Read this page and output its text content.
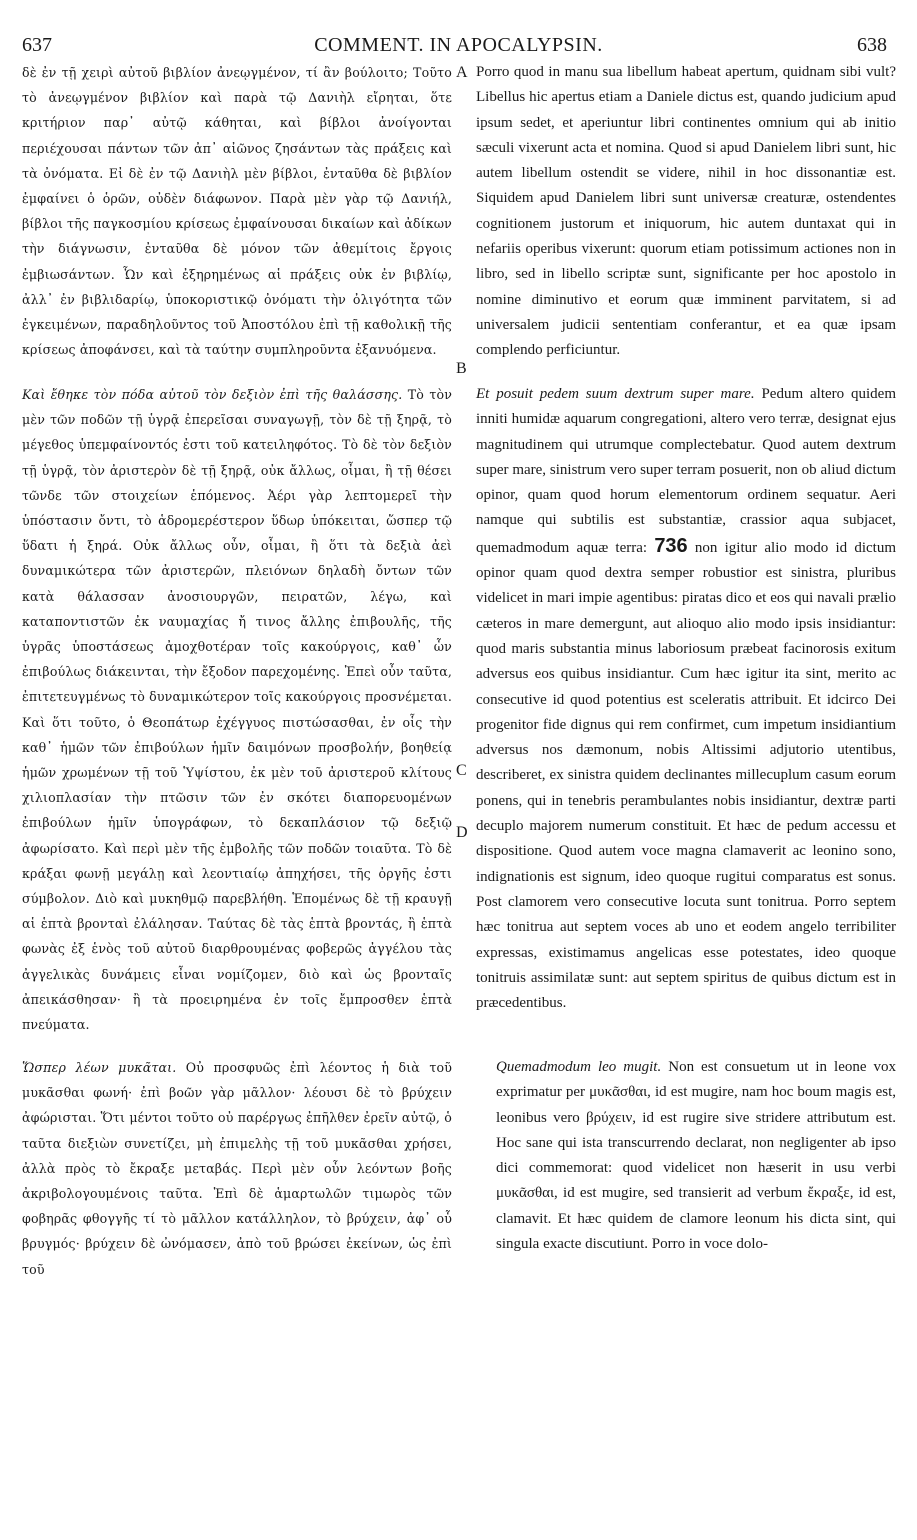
637	COMMENT. IN APOCALYPSIN.	638
A
B
C
D

δὲ ἐν τῇ χειρὶ αὐτοῦ βιβλίον ἀνεῳγμένον, τί ἂν βούλοιτο; Τοῦτο τὸ ἀνεῳγμένον βιβλίον καὶ παρὰ τῷ Δανιὴλ εἴρηται, ὅτε κριτήριον παρ᾽ αὐτῷ κάθηται, καὶ βίβλοι ἀνοίγονται περιέχουσαι πάντων τῶν ἀπ᾽ αἰῶνος ζησάντων τὰς πράξεις καὶ τὰ ὀνόματα. Εἰ δὲ ἐν τῷ Δανιὴλ μὲν βίβλοι, ἐνταῦθα δὲ βιβλίον ἐμφαίνει ὁ ὁρῶν, οὐδὲν διάφωνον. Παρὰ μὲν γὰρ τῷ Δανιήλ, βίβλοι τῆς παγκοσμίου κρίσεως ἐμφαίνουσαι δικαίων καὶ ἀδίκων τὴν διάγνωσιν, ἐνταῦθα δὲ μόνον τῶν ἀθεμίτοις ἔργοις ἐμβιωσάντων. Ὧν καὶ ἐξηρημένως αἱ πράξεις οὐκ ἐν βιβλίῳ, ἀλλ᾽ ἐν βιβλιδαρίῳ, ὑποκοριστικῷ ὀνόματι τὴν ὀλιγότητα τῶν ἐγκειμένων, παραδηλοῦντος τοῦ Ἀποστόλου ἐπὶ τῇ καθολικῇ τῆς κρίσεως ἀποφάνσει, καὶ τὰ ταύτην συμπληροῦντα ἐξανυόμενα.

Porro quod in manu sua libellum habeat apertum, quidnam sibi vult? Libellus hic apertus etiam a Daniele dictus est, quando judicium apud ipsum sedet, et aperiuntur libri continentes omnium qui ab initio sæculi vixerunt acta et nomina. Quod si apud Danielem libri sunt, hic autem libellum ostendit se videre, nihil in hoc dissonantiæ est. Siquidem apud Danielem libri sunt universæ creaturæ, ostendentes cognitionem justorum et iniquorum, hic autem duntaxat qui in nefariis operibus vixerunt: quorum etiam potissimum actiones non in libro, sed in libello scriptæ sunt, significante per hoc apostolo in nomine diminutivo et eorum quæ imminent parvitatem, si ad universalem judicii sententiam conferantur, et ea quæ ipsam complendo perficiuntur.

Καὶ ἔθηκε τὸν πόδα αὐτοῦ τὸν δεξιὸν ἐπὶ τῆς θαλάσσης. Τὸ τὸν μὲν τῶν ποδῶν τῇ ὑγρᾷ ἐπερεῖσαι συναγωγῇ, τὸν δὲ τῇ ξηρᾷ, τὸ μέγεθος ὑπεμφαίνοντός ἐστι τοῦ κατειληφότος. Τὸ δὲ τὸν δεξιὸν τῇ ὑγρᾷ, τὸν ἀριστερὸν δὲ τῇ ξηρᾷ, οὐκ ἄλλως, οἶμαι, ἢ τῇ θέσει τῶνδε τῶν στοιχείων ἑπόμενος. Ἀέρι γὰρ λεπτομερεῖ τὴν ὑπόστασιν ὄντι, τὸ ἁδρομερέστερον ὕδωρ ὑπόκειται, ὥσπερ τῷ ὕδατι ἡ ξηρά. Οὐκ ἄλλως οὖν, οἶμαι, ἢ ὅτι τὰ δεξιὰ ἀεὶ δυναμικώτερα τῶν ἀριστερῶν, πλειόνων δηλαδὴ ὄντων τῶν κατὰ θάλασσαν ἀνοσιουργῶν, πειρατῶν, λέγω, καὶ καταποντιστῶν ἐκ ναυμαχίας ἤ τινος ἄλλης ἐπιβουλῆς, τῆς ὑγρᾶς ὑποστάσεως ἀμοχθοτέραν τοῖς κακούργοις, καθ᾽ ὧν ἐπιβούλως διάκεινται, τὴν ἔξοδον παρεχομένης. Ἐπεὶ οὖν ταῦτα, ἐπιτετευγμένως τὸ δυναμικώτερον τοῖς κακούργοις προσνέμεται. Καὶ ὅτι τοῦτο, ὁ Θεοπάτωρ ἐχέγγυος πιστώσασθαι, ἐν οἷς τὴν καθ᾽ ἡμῶν τῶν ἐπιβούλων ἡμῖν δαιμόνων προσβολήν, βοηθείᾳ ἡμῶν χρωμένων τῇ τοῦ Ὑψίστου, ἐκ μὲν τοῦ ἀριστεροῦ κλίτους χιλιοπλασίαν τὴν πτῶσιν τῶν ἐν σκότει διαπορευομένων ἐπιβούλων ἡμῖν ὑπογράφων, τὸ δεκαπλάσιον τῷ δεξιῷ ἀφωρίσατο. Καὶ περὶ μὲν τῆς ἐμβολῆς τῶν ποδῶν τοιαῦτα. Τὸ δὲ κράξαι φωνῇ μεγάλῃ καὶ λεοντιαίῳ ἀπηχήσει, τῆς ὀργῆς ἐστι σύμβολον. Διὸ καὶ μυκηθμῷ παρεβλήθη. Ἑπομένως δὲ τῇ κραυγῇ αἱ ἑπτὰ βρονταὶ ἐλάλησαν. Ταύτας δὲ τὰς ἑπτὰ βροντάς, ἢ ἑπτὰ φωνὰς ἐξ ἑνὸς τοῦ αὐτοῦ διαρθρουμένας φοβερῶς ἀγγέλου τὰς ἀγγελικὰς δυνάμεις εἶναι νομίζομεν, διὸ καὶ ὡς βρονταῖς ἀπεικάσθησαν· ἢ τὰ προειρημένα ἐν τοῖς ἔμπροσθεν ἑπτὰ πνεύματα.

Et posuit pedem suum dextrum super mare. Pedum altero quidem inniti humidæ aquarum congregationi, altero vero terræ, designat ejus magnitudinem qui utrumque complectebatur. Quod autem dextrum super mare, sinistrum vero super terram posuerit, non ob aliud dictum opinor, quam quod horum elementorum ordinem sequatur. Aeri namque qui subtilis est substantiæ, crassior aqua subjacet, quemadmodum aquæ terra: 736 non igitur alio modo id dictum opinor quam quod dextra semper robustior est sinistra, pluribus videlicet in mari impie agentibus: piratas dico et eos qui navali prælio cæteros in mare demergunt, aut alioquo alio modo ipsis insidiantur: quod maris substantia minus laboriosum præbeat facinorosis exitum adversus eos quibus insidiantur. Cum hæc igitur ita sint, merito ac consecutive id quod potentius est sceleratis attribuit. Et idcirco Dei progenitor fide dignus qui rem confirmet, cum impetum insidiantium adversus nos dæmonum, nobis Altissimi adjutorio utentibus, describeret, ex sinistra quidem declinantes millecuplum casum eorum ponens, qui in tenebris perambulantes nobis insidiantur, dextræ parti decuplo majorem numerum constituit. Et hæc de pedum accessu et dispositione. Quod autem voce magna clamaverit ac leonino sono, indignationis est signum, ideo quoque rugitui comparatus est sonus. Post clamorem vero consecutive locuta sunt tonitrua. Porro septem hæc tonitrua aut septem voces ab uno et eodem angelo terribiliter expressas, existimamus angelicas esse potestates, ideo quoque tonitruis assimilatæ sunt: aut septem spiritus de quibus dictum est in præcedentibus.

Ὥσπερ λέων μυκᾶται. Οὐ προσφυῶς ἐπὶ λέοντος ἡ διὰ τοῦ μυκᾶσθαι φωνή· ἐπὶ βοῶν γὰρ μᾶλλον· λέουσι δὲ τὸ βρύχειν ἀφώρισται. Ὅτι μέντοι τοῦτο οὐ παρέργως ἐπῆλθεν ἐρεῖν αὐτῷ, ὁ ταῦτα διεξιὼν συνετίζει, μὴ ἐπιμελὴς τῇ τοῦ μυκᾶσθαι χρήσει, ἀλλὰ πρὸς τὸ ἔκραξε μεταβάς. Περὶ μὲν οὖν λεόντων βοῆς ἀκριβολογουμένοις ταῦτα. Ἐπὶ δὲ ἁμαρτωλῶν τιμωρὸς τῶν φοβηρᾶς φθογγῆς τί τὸ μᾶλλον κατάλληλον, τὸ βρύχειν, ἀφ᾽ οὗ βρυγμός· βρύχειν δὲ ὠνόμασεν, ἀπὸ τοῦ βρώσει ἐκείνων, ὡς ἐπὶ τοῦ

Quemadmodum leo mugit. Non est consuetum ut in leone vox exprimatur per μυκᾶσθαι, id est mugire, nam hoc boum magis est, leonibus vero βρύχειν, id est rugire sive stridere attributum est. Hoc sane qui ista transcurrendo declarat, non negligenter ab ipso dici commemorat: quod videlicet non hæserit in usu verbi μυκᾶσθαι, id est mugire, sed transierit ad verbum ἔκραξε, id est, clamavit. Et hæc quidem de clamore leonum his dicta sint, qui singula exacte discutiunt. Porro in voce dolo-
